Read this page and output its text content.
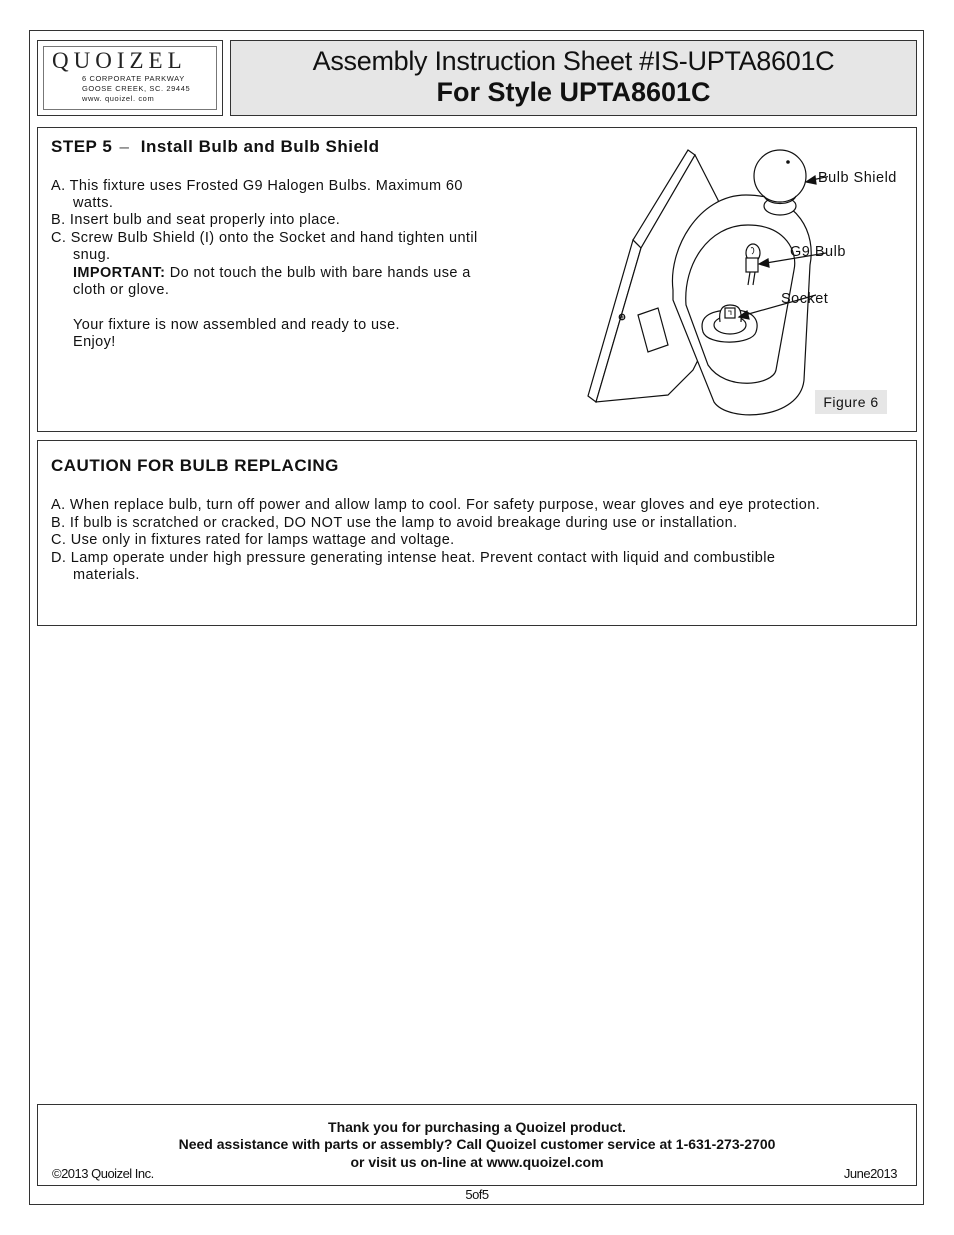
QUOIZEL
6 CORPORATE PARKWAY
GOOSE CREEK, SC. 29445
www. quoizel. com
Assembly Instruction Sheet #IS-UPTA8601C
For Style UPTA8601C
STEP 5 – Install Bulb and Bulb Shield
A. This fixture uses Frosted G9 Halogen Bulbs. Maximum 60
watts.
B. Insert bulb and seat properly into place.
C. Screw Bulb Shield (I) onto the Socket and hand tighten until
snug.
IMPORTANT: Do not touch the bulb with bare hands use a
cloth or glove.
Your fixture is now assembled and ready to use.
Enjoy!
Bulb Shield
G9 Bulb
Socket
Figure 6
CAUTION FOR BULB REPLACING
A. When replace bulb, turn off power and allow lamp to cool. For safety purpose, wear gloves and eye protection.
B. If bulb is scratched or cracked, DO NOT use the lamp to avoid breakage during use or installation.
C. Use only in fixtures rated for lamps wattage and voltage.
D. Lamp operate under high pressure generating intense heat. Prevent contact with liquid and combustible
materials.
Thank you for purchasing a Quoizel product.
Need assistance with parts or assembly? Call Quoizel customer service at 1-631-273-2700
or visit us on-line at www.quoizel.com
©2013 Quoizel Inc.	June2013
5of5
